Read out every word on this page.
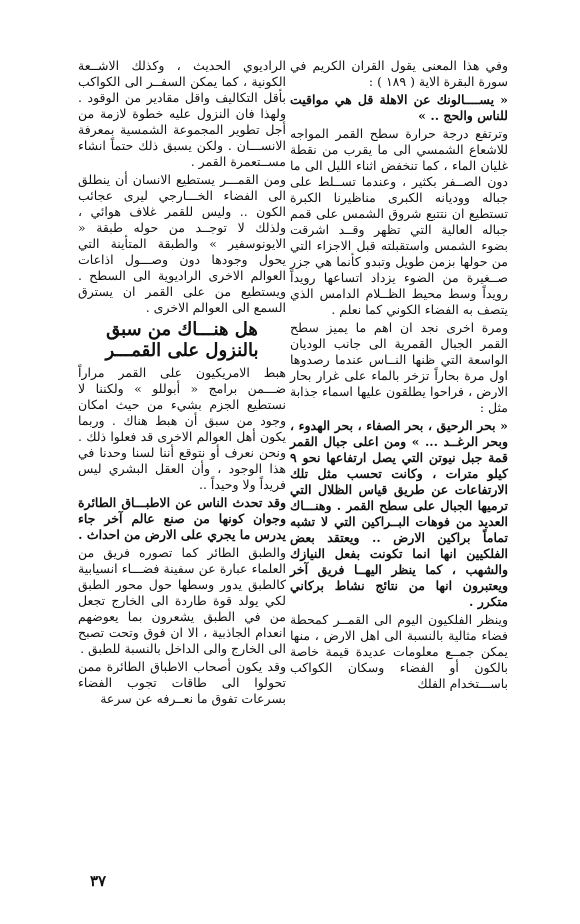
وفي هذا المعنى يقول القران الكريم في سورة البقرة الاية ( ١٨٩ ) :

« يســــالونك عن الاهلة قل هي مواقيت للناس والحج .. »

وترتفع درجة حرارة سطح القمر المواجه للاشعاع الشمسي الى ما يقرب من نقطة غليان الماء ، كما تنخفض اثناء الليل الى ما دون الصــفر بكثير ، وعندما تســلط على جباله ووديانه الكبرى مناظيرنا الكبرة تستطيع ان نتتبع شروق الشمس على قمم جباله العالية التي تظهر وقــد اشرقت بضوء الشمس واستقبلته قبل الاجزاء التي من حولها بزمن طويل وتبدو كأنما هي جزر صــغيرة من الضوء يزداد اتساعها رويداً رويداً وسط محيط الظــلام الدامس الذي يتصف به الفضاء الكوني كما نعلم .

ومرة اخرى نجد ان اهم ما يميز سطح القمر الجبال القمرية الى جانب الوديان الواسعة التي ظنها النــاس عندما رصدوها اول مرة بحاراً تزخر بالماء على غرار بحار الارض ، فراحوا يطلقون عليها اسماء جذابة مثل :

« بحر الرحيق ، بحر الصفاء ، بحر الهدوء ، وبحر الرغــد ... » ومن اعلى جبال القمر قمة جبل نيوتن التي يصل ارتفاعها نحو ٩ كيلو مترات ، وكانت تحسب مثل تلك الارتفاعات عن طريق قياس الظلال التي ترميها الجبال على سطح القمر . وهنـــاك العديد من فوهات البــراكين التي لا تشبه تماماً براكين الارض .. ويعتقد بعض الفلكيين انها انما تكونت بفعل النيازك والشهب ، كما ينظر اليهــا فريق آخر ويعتبرون انها من نتائج نشاط بركاني متكرر .

وينظر الفلكيون اليوم الى القمــر كمحطة فضاء مثالية بالنسبة الى اهل الارض ، منها يمكن جمــع معلومات عديدة قيمة خاصة بالكون أو الفضاء وسكان الكواكب باســـتخدام الفلك

الراديوي الحديث ، وكذلك الاشــعة الكونية ، كما يمكن السفــر الى الكواكب بأقل التكاليف واقل مقادير من الوقود . ولهذا فان النزول عليه خطوة لازمة من أجل تطوير المجموعة الشمسية بمعرفة الانســـان . ولكن يسبق ذلك حتماً انشاء مســتعمرة القمر .

ومن القمـــر يستطيع الانسان أن ينطلق الى الفضاء الخـــارجي ليرى عجائب الكون .. وليس للقمر غلاف هوائي ، ولذلك لا توجــد من حوله طبقة « الايونوسفير » والطبقة المتأينة التي يحول وجودها دون وصـــول اذاعات العوالم الاخرى الراديوية الى السطح . ويستطيع من على القمر ان يسترق السمع الى العوالم الاخرى .

هل هنـــاك من سبق بالنزول على القمـــر

هبط الامريكيون على القمر مراراً ضـــمن برامج « أبوللو » ولكننا لا نستطيع الجزم بشيء من حيث امكان وجود من سبق أن هبط هناك . وربما يكون أهل العوالم الاخرى قد فعلوا ذلك . ونحن نعرف أو نتوقع أننا لسنا وحدنا في هذا الوجود ، وأن العقل البشري ليس فريداً ولا وحيداً ..

وقد تحدث الناس عن الاطبـــاق الطائرة وجوان كونها من صنع عالم آخر جاء يدرس ما يجري على الارض من احداث .

والطبق الطائر كما تصوره فريق من العلماء عبارة عن سفينة فضـــاء انسيابية كالطبق يدور وسطها حول محور الطبق لكي يولد قوة طاردة الى الخارج تجعل من في الطبق يشعرون بما يعوضهم انعدام الجاذبية ، الا ان فوق وتحت تصبح الى الخارج والى الداخل بالنسبة للطبق .

وقد يكون أصحاب الاطباق الطائرة ممن تحولوا الى طاقات تجوب الفضاء بسرعات تفوق ما نعــرفه عن سرعة

٣٧
